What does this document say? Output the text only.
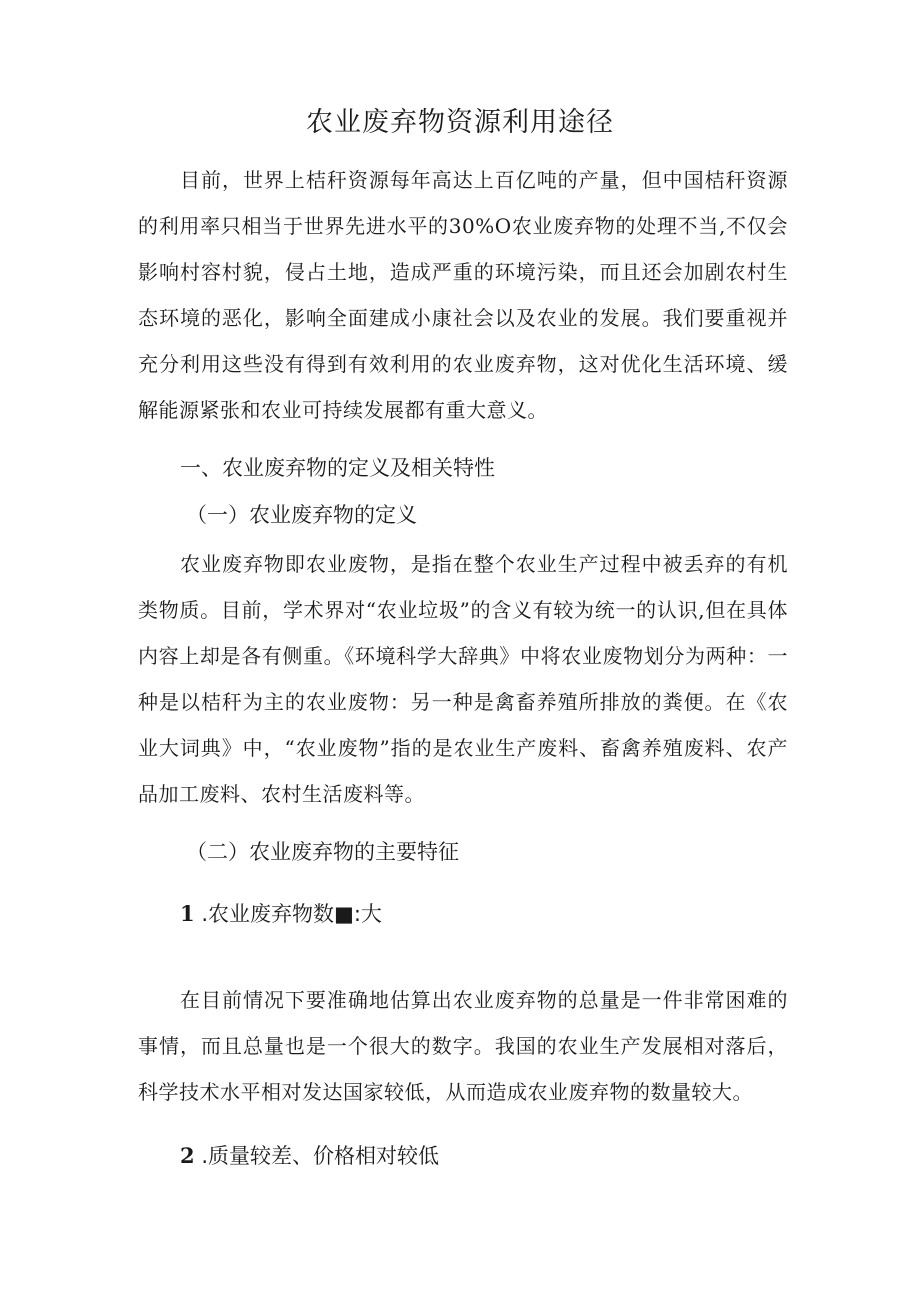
农业废弃物资源利用途径

目前，世界上桔秆资源每年高达上百亿吨的产量，但中国桔秆资源的利用率只相当于世界先进水平的30%O农业废弃物的处理不当,不仅会影响村容村貌，侵占土地，造成严重的环境污染，而且还会加剧农村生态环境的恶化，影响全面建成小康社会以及农业的发展。我们要重视并充分利用这些没有得到有效利用的农业废弃物，这对优化生活环境、缓解能源紧张和农业可持续发展都有重大意义。

一、农业废弃物的定义及相关特性
（一）农业废弃物的定义

农业废弃物即农业废物，是指在整个农业生产过程中被丢弃的有机类物质。目前，学术界对“农业垃圾”的含义有较为统一的认识,但在具体内容上却是各有侧重。《环境科学大辞典》中将农业废物划分为两种：一种是以桔秆为主的农业废物：另一种是禽畜养殖所排放的粪便。在《农业大词典》中，“农业废物”指的是农业生产废料、畜禽养殖废料、农产品加工废料、农村生活废料等。

（二）农业废弃物的主要特征
1 .农业废弃物数■:大

在目前情况下要准确地估算出农业废弃物的总量是一件非常困难的事情，而且总量也是一个很大的数字。我国的农业生产发展相对落后，科学技术水平相对发达国家较低，从而造成农业废弃物的数量较大。

2 .质量较差、价格相对较低
